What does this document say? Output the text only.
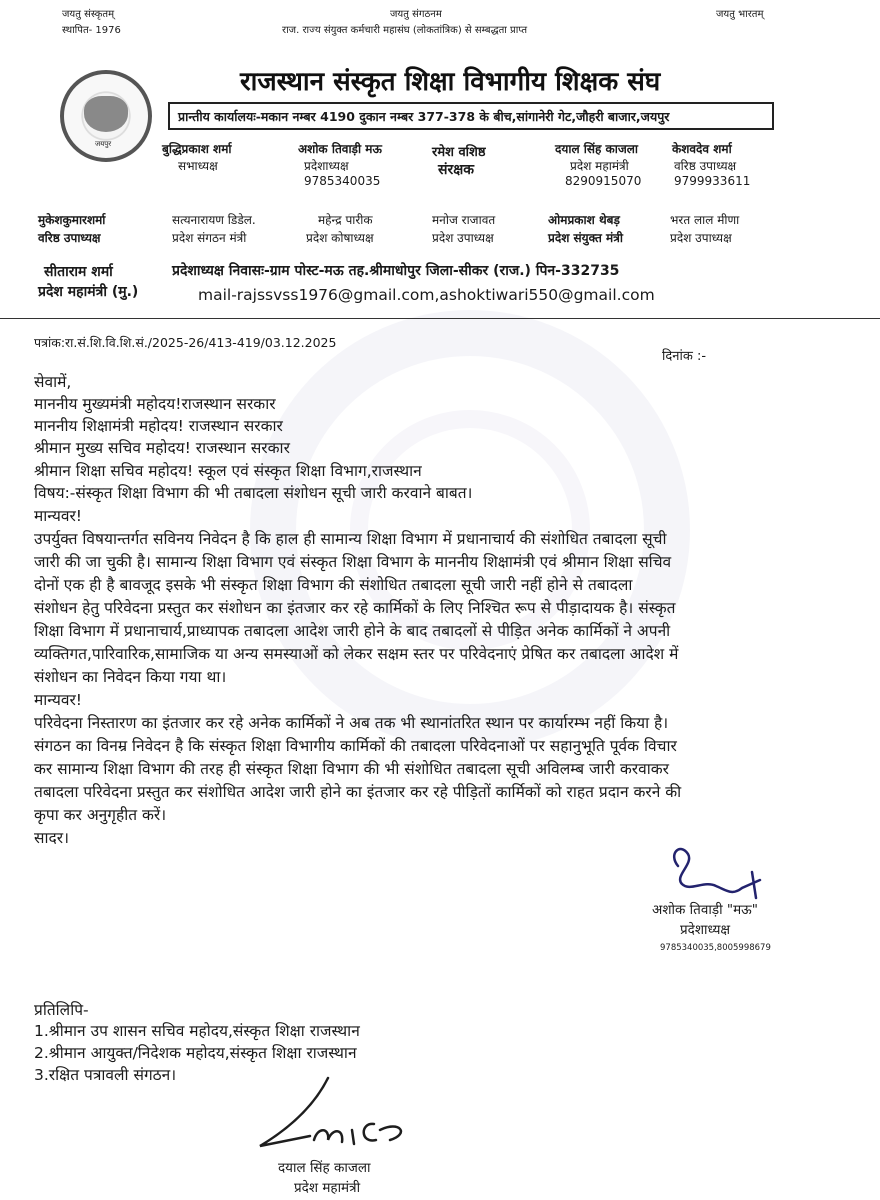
जयतु संस्कृतम्
स्थापित- 1976
जयतु संगठनम
राज. राज्य संयुक्त कर्मचारी महासंघ (लोकतांत्रिक) से सम्बद्धता प्राप्त
जयतु भारतम्
जयपुर
राजस्थान संस्कृत शिक्षा विभागीय शिक्षक संघ
प्रान्तीय कार्यालयः-मकान नम्बर 4190 दुकान नम्बर 377-378 के बीच,सांगानेरी गेट,जौहरी बाजार,जयपुर
बुद्धिप्रकाश शर्मा
सभाध्यक्ष
अशोक तिवाड़ी मऊ
प्रदेशाध्यक्ष
9785340035
रमेश वशिष्ठ
संरक्षक
दयाल सिंह काजला
प्रदेश महामंत्री
8290915070
केशवदेव शर्मा
वरिष्ठ उपाध्यक्ष
9799933611
मुकेशकुमारशर्मा
वरिष्ठ उपाध्यक्ष
सत्यनारायण डिडेल.
प्रदेश संगठन मंत्री
महेन्द्र पारीक
प्रदेश कोषाध्यक्ष
मनोज राजावत
प्रदेश उपाध्यक्ष
ओमप्रकाश थेबड़
प्रदेश संयुक्त मंत्री
भरत लाल मीणा
प्रदेश उपाध्यक्ष
सीताराम शर्मा
प्रदेश महामंत्री (मु.)
प्रदेशाध्यक्ष निवासः-ग्राम पोस्ट-मऊ तह.श्रीमाधोपुर जिला-सीकर (राज.) पिन-332735
mail-rajssvss1976@gmail.com,ashoktiwari550@gmail.com
पत्रांक:रा.सं.शि.वि.शि.सं./2025-26/413-419/03.12.2025
दिनांक :-
सेवामें,
माननीय मुख्यमंत्री महोदय!राजस्थान सरकार
माननीय शिक्षामंत्री महोदय! राजस्थान सरकार
श्रीमान मुख्य सचिव महोदय! राजस्थान सरकार
श्रीमान शिक्षा सचिव महोदय! स्कूल एवं संस्कृत शिक्षा विभाग,राजस्थान
विषय:-संस्कृत शिक्षा विभाग की भी तबादला संशोधन सूची जारी करवाने बाबत।
मान्यवर!
उपर्युक्त विषयान्तर्गत सविनय निवेदन है कि हाल ही सामान्य शिक्षा विभाग में प्रधानाचार्य की संशोधित तबादला सूची
जारी की जा चुकी है। सामान्य शिक्षा विभाग एवं संस्कृत शिक्षा विभाग के माननीय शिक्षामंत्री एवं श्रीमान शिक्षा सचिव
दोनों एक ही है बावजूद इसके भी संस्कृत शिक्षा विभाग की संशोधित तबादला सूची जारी नहीं होने से तबादला
संशोधन हेतु परिवेदना प्रस्तुत कर संशोधन का इंतजार कर रहे कार्मिकों के लिए निश्चित रूप से पीड़ादायक है। संस्कृत
शिक्षा विभाग में प्रधानाचार्य,प्राध्यापक तबादला आदेश जारी होने के बाद तबादलों से पीड़ित अनेक कार्मिकों ने अपनी
व्यक्तिगत,पारिवारिक,सामाजिक या अन्य समस्याओं को लेकर सक्षम स्तर पर परिवेदनाएं प्रेषित कर तबादला आदेश में
संशोधन का निवेदन किया गया था।
मान्यवर!
परिवेदना निस्तारण का इंतजार कर रहे अनेक कार्मिकों ने अब तक भी स्थानांतरित स्थान पर कार्यारम्भ नहीं किया है।
संगठन का विनम्र निवेदन है कि संस्कृत शिक्षा विभागीय कार्मिकों की तबादला परिवेदनाओं पर सहानुभूति पूर्वक विचार
कर सामान्य शिक्षा विभाग की तरह ही संस्कृत शिक्षा विभाग की भी संशोधित तबादला सूची अविलम्ब जारी करवाकर
तबादला परिवेदना प्रस्तुत कर संशोधित आदेश जारी होने का इंतजार कर रहे पीड़ितों कार्मिकों को राहत प्रदान करने की
कृपा कर अनुगृहीत करें।
सादर।
अशोक तिवाड़ी "मऊ"
प्रदेशाध्यक्ष
9785340035,8005998679
प्रतिलिपि-
1.श्रीमान उप शासन सचिव महोदय,संस्कृत शिक्षा राजस्थान
2.श्रीमान आयुक्त/निदेशक महोदय,संस्कृत शिक्षा राजस्थान
3.रक्षित पत्रावली संगठन।
दयाल सिंह काजला
प्रदेश महामंत्री
